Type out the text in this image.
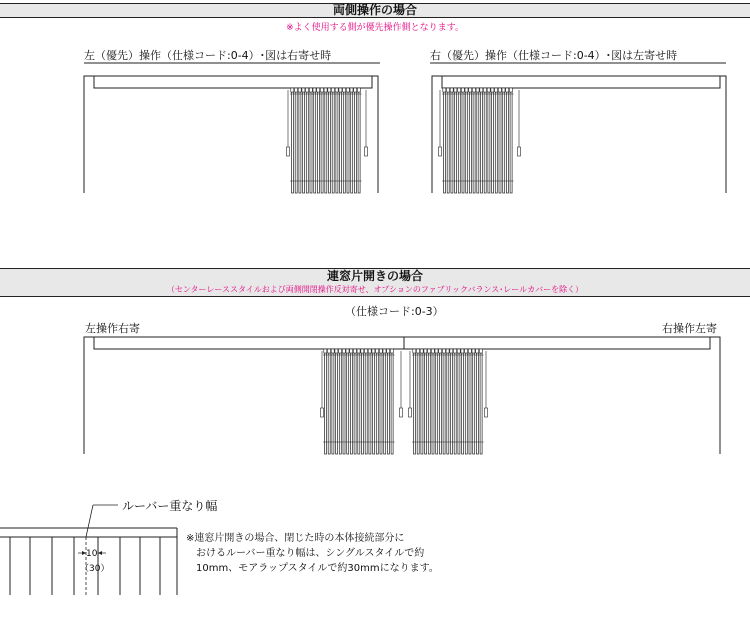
両側操作の場合
※よく使用する側が優先操作側となります。
左（優先）操作（仕様コード:0-4）･図は右寄せ時	右（優先）操作（仕様コード:0-4）･図は左寄せ時
連窓片開きの場合
（センターレーススタイルおよび両側開閉操作反対寄せ、オプションのファブリックバランス･レールカバーを除く）
（仕様コード:0-3）
左操作右寄	右操作左寄
ルーバー重なり幅
10
（30）
※連窓片開きの場合、閉じた時の本体接続部分に
おけるルーバー重なり幅は、シングルスタイルで約
10mm、モアラップスタイルで約30mmになります。
